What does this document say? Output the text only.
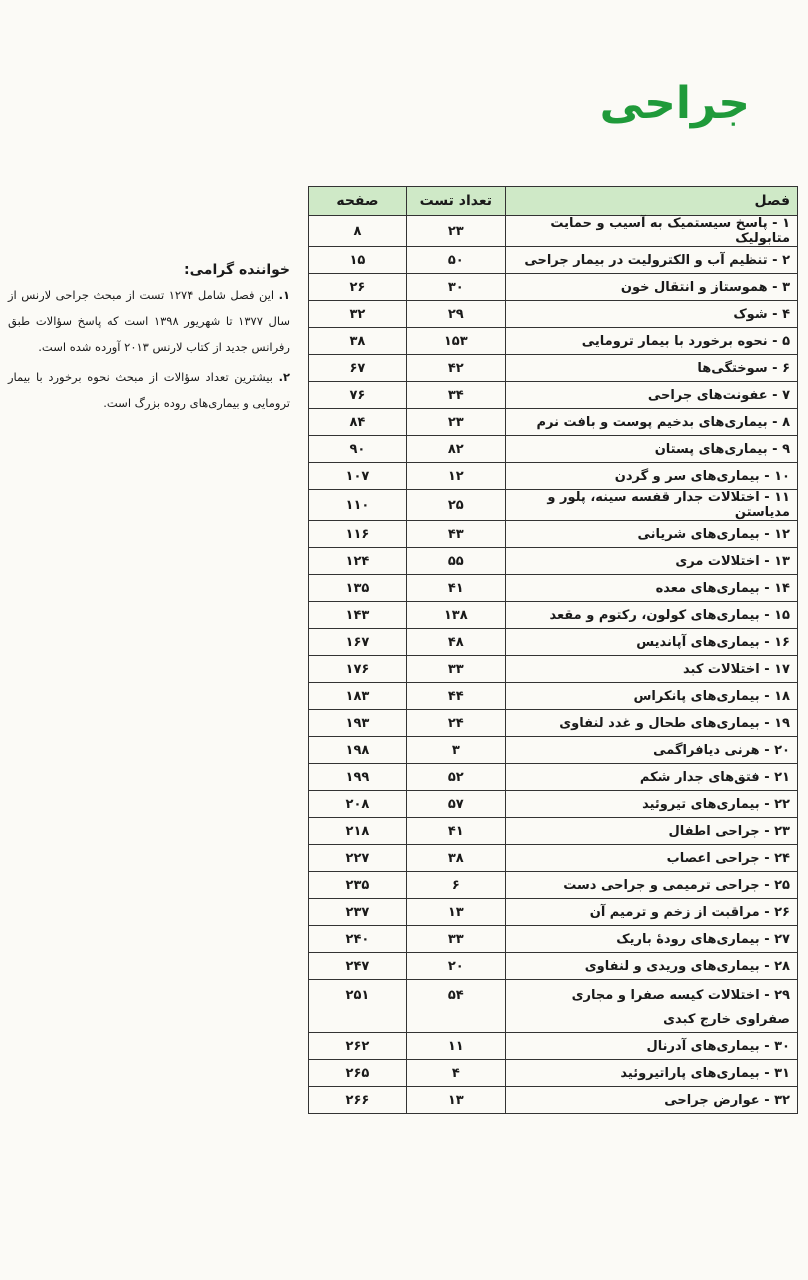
جراحی
خواننده گرامی:

۱. این فصل شامل ۱۲۷۴ تست از مبحث جراحی لارنس از سال ۱۳۷۷ تا شهریور ۱۳۹۸ است که پاسخ سؤالات طبق رفرانس جدید از کتاب لارنس ۲۰۱۳ آورده شده است.

۲. بیشترین تعداد سؤالات از مبحث نحوه برخورد با بیمار ترومایی و بیماری‌های روده بزرگ است.

فصل	تعداد تست	صفحه
۱ - پاسخ سیستمیک به آسیب و حمایت متابولیک	۲۳	۸
۲ - تنظیم آب و الکترولیت در بیمار جراحی	۵۰	۱۵
۳ - هموستاز و انتقال خون	۳۰	۲۶
۴ - شوک	۲۹	۳۲
۵ - نحوه برخورد با بیمار ترومایی	۱۵۳	۳۸
۶ - سوختگی‌ها	۴۲	۶۷
۷ - عفونت‌های جراحی	۳۴	۷۶
۸ - بیماری‌های بدخیم پوست و بافت نرم	۲۳	۸۴
۹ - بیماری‌های پستان	۸۲	۹۰
۱۰ - بیماری‌های سر و گردن	۱۲	۱۰۷
۱۱ - اختلالات جدار قفسه سینه، پلور و مدیاستن	۲۵	۱۱۰
۱۲ - بیماری‌های شریانی	۴۳	۱۱۶
۱۳ - اختلالات مری	۵۵	۱۲۴
۱۴ - بیماری‌های معده	۴۱	۱۳۵
۱۵ - بیماری‌های کولون، رکتوم و مقعد	۱۳۸	۱۴۳
۱۶ - بیماری‌های آپاندیس	۴۸	۱۶۷
۱۷ - اختلالات کبد	۳۳	۱۷۶
۱۸ - بیماری‌های پانکراس	۴۴	۱۸۳
۱۹ - بیماری‌های طحال و غدد لنفاوی	۲۴	۱۹۳
۲۰ - هرنی دیافراگمی	۳	۱۹۸
۲۱ - فتق‌های جدار شکم	۵۲	۱۹۹
۲۲ - بیماری‌های تیروئید	۵۷	۲۰۸
۲۳ - جراحی اطفال	۴۱	۲۱۸
۲۴ - جراحی اعصاب	۳۸	۲۲۷
۲۵ - جراحی ترمیمی و جراحی دست	۶	۲۳۵
۲۶ - مراقبت از زخم و ترمیم آن	۱۳	۲۳۷
۲۷ - بیماری‌های رودهٔ باریک	۳۳	۲۴۰
۲۸ - بیماری‌های وریدی و لنفاوی	۲۰	۲۴۷
۲۹ - اختلالات کیسه صفرا و مجاری صفراوی خارج کبدی	۵۴	۲۵۱
۳۰ - بیماری‌های آدرنال	۱۱	۲۶۲
۳۱ - بیماری‌های پاراتیروئید	۴	۲۶۵
۳۲ - عوارض جراحی	۱۳	۲۶۶
